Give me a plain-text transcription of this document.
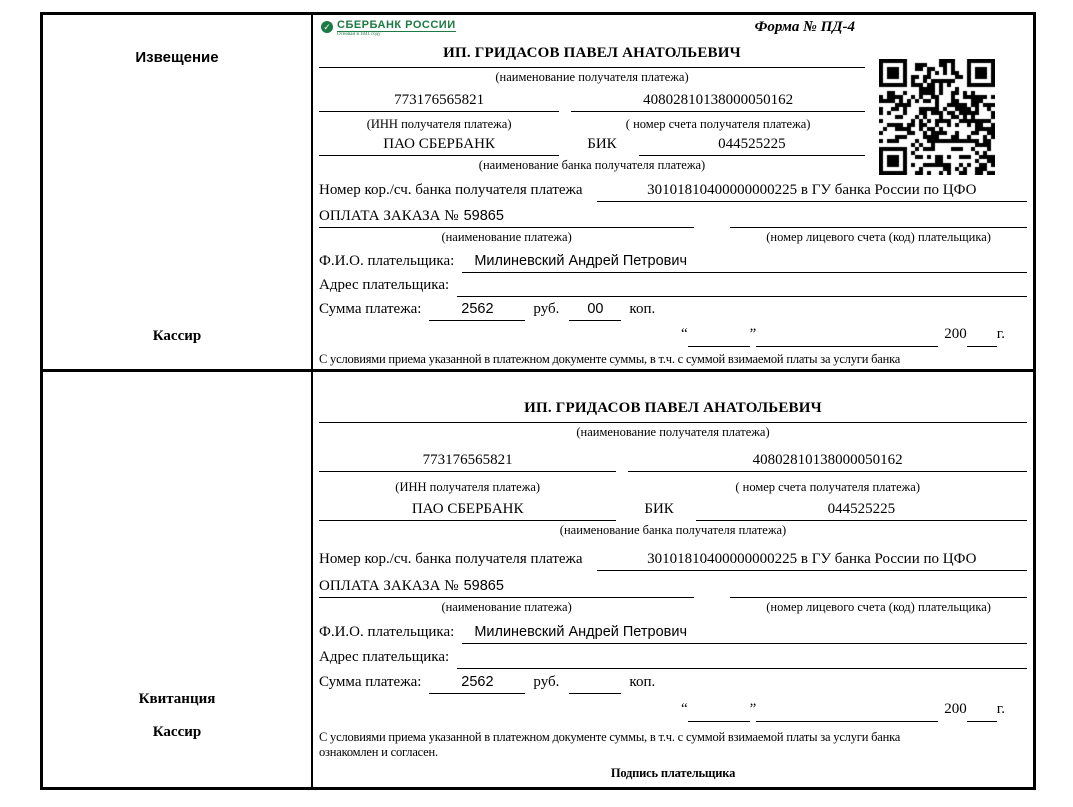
Извещение
Кассир
✓ СБЕРБАНК РОССИИ
Основан в 1841 году	Форма № ПД-4
ИП. ГРИДАСОВ ПАВЕЛ АНАТОЛЬЕВИЧ
(наименование получателя платежа)
773176565821	40802810138000050162
(ИНН получателя платежа)	( номер счета получателя платежа)
ПАО СБЕРБАНК	БИК	044525225
(наименование банка получателя платежа)
Номер кор./сч. банка получателя платежа	30101810400000000225 в ГУ банка России по ЦФО
ОПЛАТА ЗАКАЗА № 59865
(наименование платежа)	(номер лицевого счета (код) плательщика)
Ф.И.О. плательщика:	Милиневский Андрей Петрович
Адрес плательщика:
Сумма платежа:	2562	руб.	00	коп.
“	”	200 г.
С условиями приема указанной в платежном документе суммы, в т.ч. с суммой взимаемой платы за услуги банка
Квитанция
Кассир
ИП. ГРИДАСОВ ПАВЕЛ АНАТОЛЬЕВИЧ
(наименование получателя платежа)
773176565821	40802810138000050162
(ИНН получателя платежа)	( номер счета получателя платежа)
ПАО СБЕРБАНК	БИК	044525225
(наименование банка получателя платежа)
Номер кор./сч. банка получателя платежа	30101810400000000225 в ГУ банка России по ЦФО
ОПЛАТА ЗАКАЗА № 59865
(наименование платежа)	(номер лицевого счета (код) плательщика)
Ф.И.О. плательщика:	Милиневский Андрей Петрович
Адрес плательщика:
Сумма платежа:	2562	руб.	коп.
“	”	200 г.
С условиями приема указанной в платежном документе суммы, в т.ч. с суммой взимаемой платы за услуги банка
ознакомлен и согласен.
Подпись плательщика
